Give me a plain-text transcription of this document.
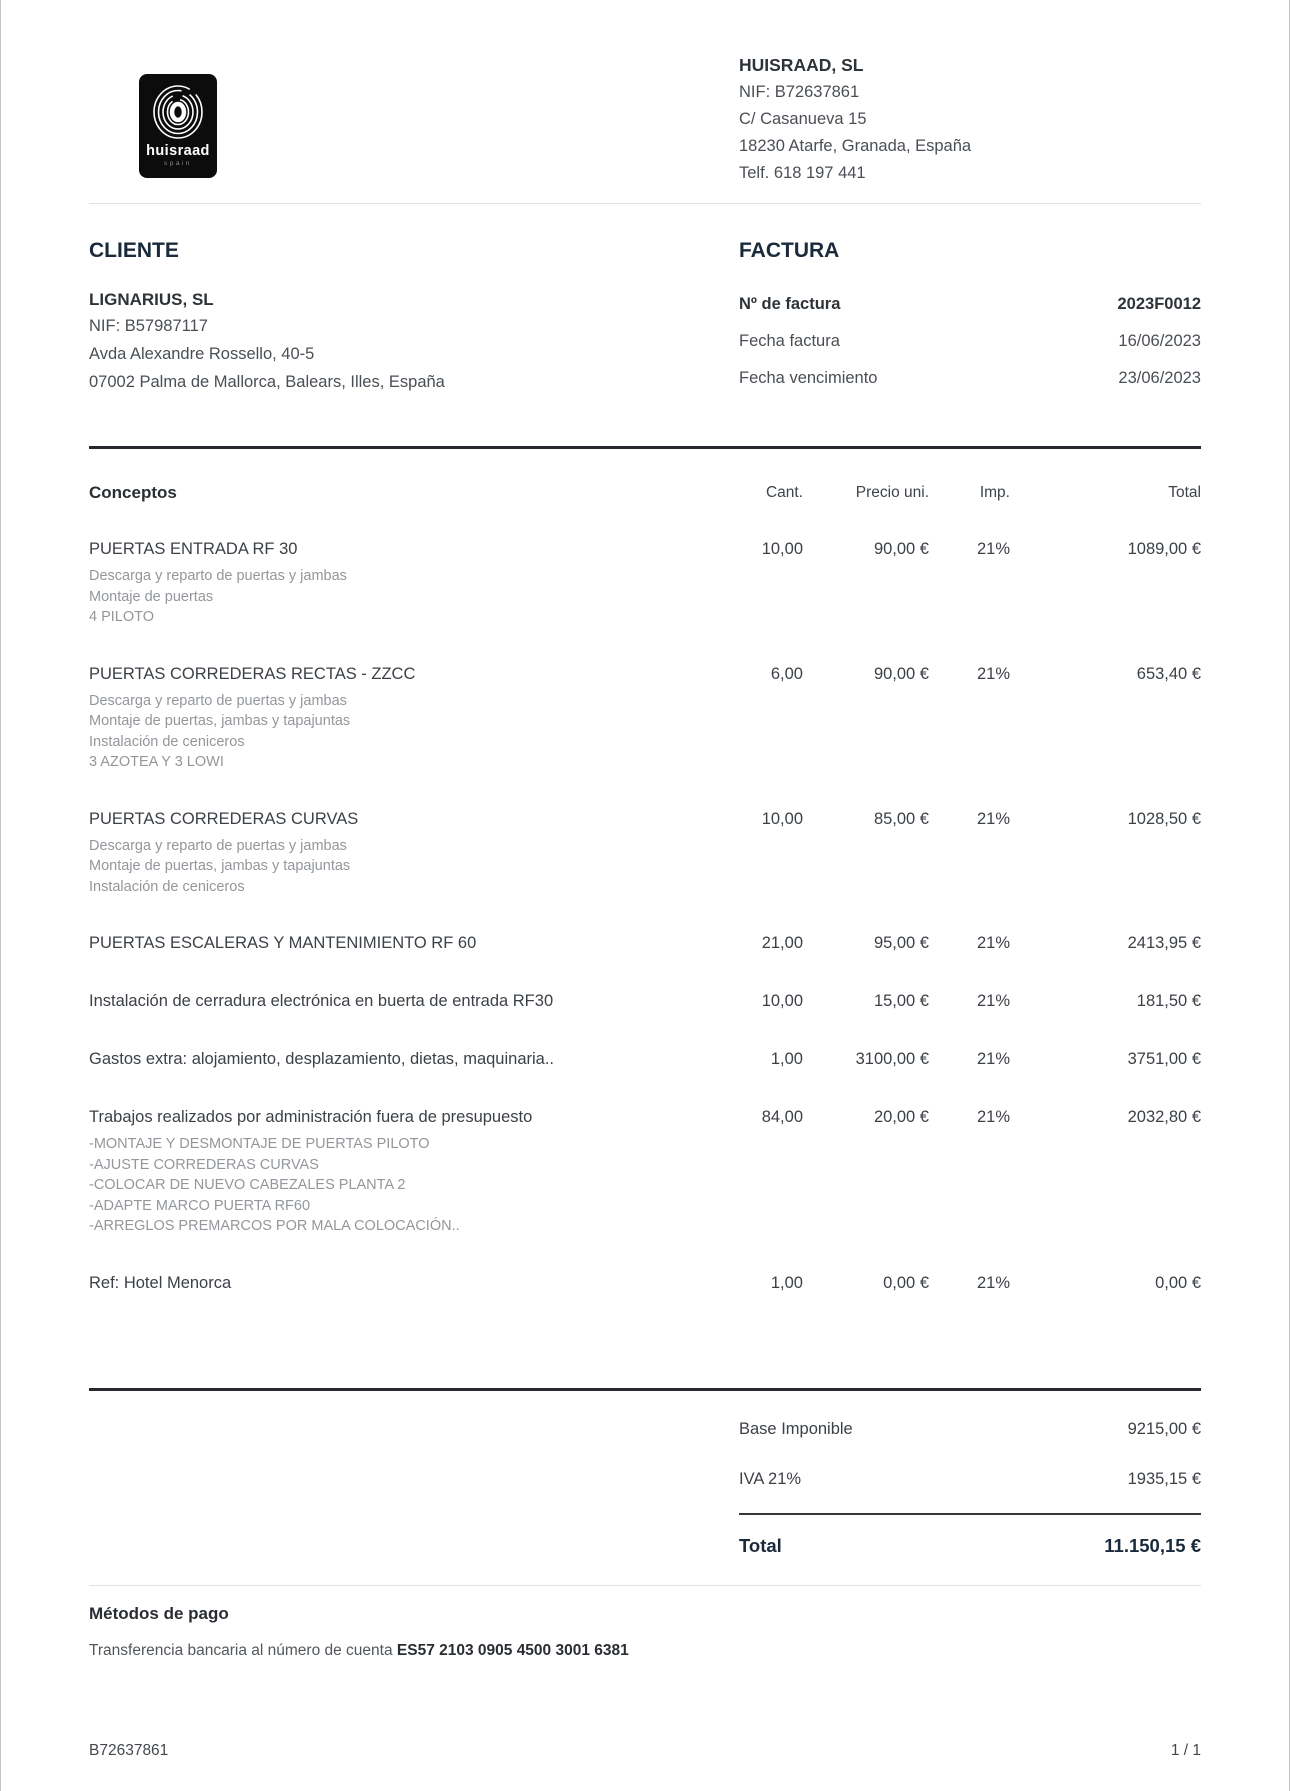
huisraad
spain
HUISRAAD, SL
NIF: B72637861
C/ Casanueva 15
18230 Atarfe, Granada, España
Telf. 618 197 441
CLIENTE
LIGNARIUS, SL
NIF: B57987117
Avda Alexandre Rossello, 40-5
07002 Palma de Mallorca, Balears, Illes, España
FACTURA
Nº de factura	2023F0012
Fecha factura	16/06/2023
Fecha vencimiento	23/06/2023
Conceptos	Cant.	Precio uni.	Imp.	Total
PUERTAS ENTRADA RF 30	10,00	90,00 €	21%	1089,00 €
Descarga y reparto de puertas y jambas
Montaje de puertas
4 PILOTO
PUERTAS CORREDERAS RECTAS - ZZCC	6,00	90,00 €	21%	653,40 €
Descarga y reparto de puertas y jambas
Montaje de puertas, jambas y tapajuntas
Instalación de ceniceros
3 AZOTEA Y 3 LOWI
PUERTAS CORREDERAS CURVAS	10,00	85,00 €	21%	1028,50 €
Descarga y reparto de puertas y jambas
Montaje de puertas, jambas y tapajuntas
Instalación de ceniceros
PUERTAS ESCALERAS Y MANTENIMIENTO RF 60	21,00	95,00 €	21%	2413,95 €
Instalación de cerradura electrónica en buerta de entrada RF30	10,00	15,00 €	21%	181,50 €
Gastos extra: alojamiento, desplazamiento, dietas, maquinaria..	1,00	3100,00 €	21%	3751,00 €
Trabajos realizados por administración fuera de presupuesto	84,00	20,00 €	21%	2032,80 €
-MONTAJE Y DESMONTAJE DE PUERTAS PILOTO
-AJUSTE CORREDERAS CURVAS
-COLOCAR DE NUEVO CABEZALES PLANTA 2
-ADAPTE MARCO PUERTA RF60
-ARREGLOS PREMARCOS POR MALA COLOCACIÓN..
Ref: Hotel Menorca	1,00	0,00 €	21%	0,00 €
Base Imponible	9215,00 €
IVA 21%	1935,15 €
Total	11.150,15 €
Métodos de pago

Transferencia bancaria al número de cuenta ES57 2103 0905 4500 3001 6381

B72637861	1 / 1
